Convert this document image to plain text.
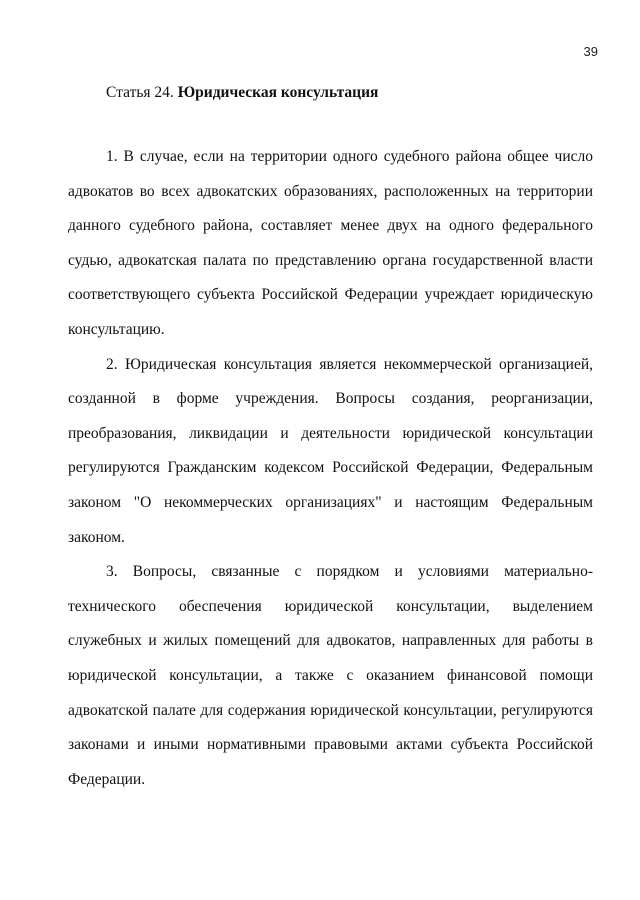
39
Статья 24. Юридическая консультация

1. В случае, если на территории одного судебного района общее число адвокатов во всех адвокатских образованиях, расположенных на территории данного судебного района, составляет менее двух на одного федерального судью, адвокатская палата по представлению органа государственной власти соответствующего субъекта Российской Федерации учреждает юридическую консультацию.

2. Юридическая консультация является некоммерческой организацией, созданной в форме учреждения. Вопросы создания, реорганизации, преобразования, ликвидации и деятельности юридической консультации регулируются Гражданским кодексом Российской Федерации, Федеральным законом "О некоммерческих организациях" и настоящим Федеральным законом.

3. Вопросы, связанные с порядком и условиями материально-технического обеспечения юридической консультации, выделением служебных и жилых помещений для адвокатов, направленных для работы в юридической консультации, а также с оказанием финансовой помощи адвокатской палате для содержания юридической консультации, регулируются законами и иными нормативными правовыми актами субъекта Российской Федерации.
